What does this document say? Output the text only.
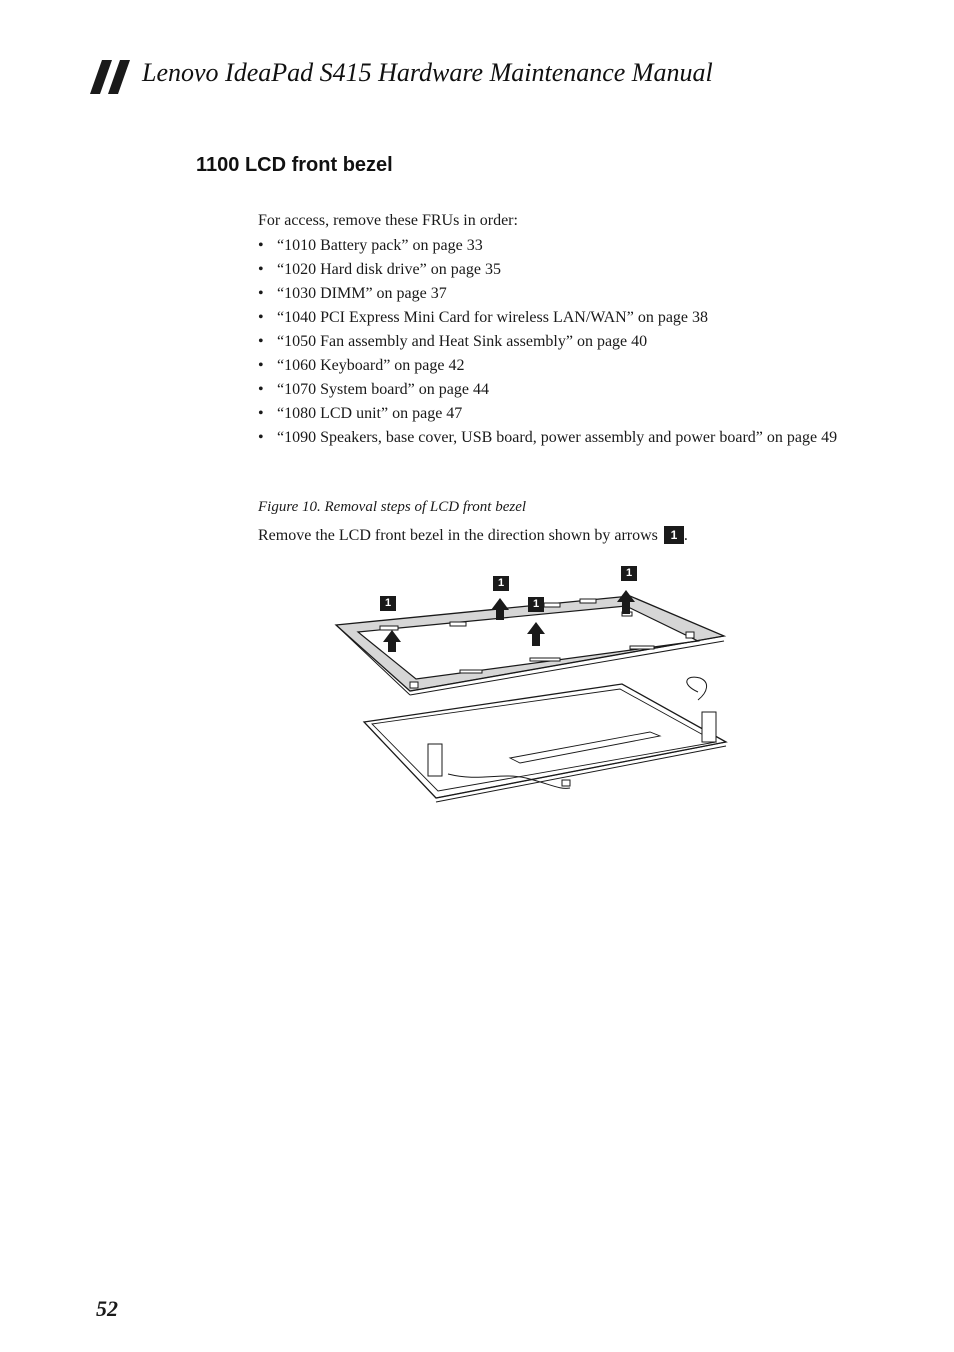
Lenovo IdeaPad S415 Hardware Maintenance Manual
1100 LCD front bezel
For access, remove these FRUs in order:
• “1010 Battery pack” on page 33
• “1020 Hard disk drive” on page 35
• “1030 DIMM” on page 37
• “1040 PCI Express Mini Card for wireless LAN/WAN” on page 38
• “1050 Fan assembly and Heat Sink assembly” on page 40
• “1060 Keyboard” on page 42
• “1070 System board” on page 44
• “1080 LCD unit” on page 47
• “1090 Speakers, base cover, USB board, power assembly and power board” on page 49
Figure 10. Removal steps of LCD front bezel
Remove the LCD front bezel in the direction shown by arrows 1 .
1
1
1
1
52
